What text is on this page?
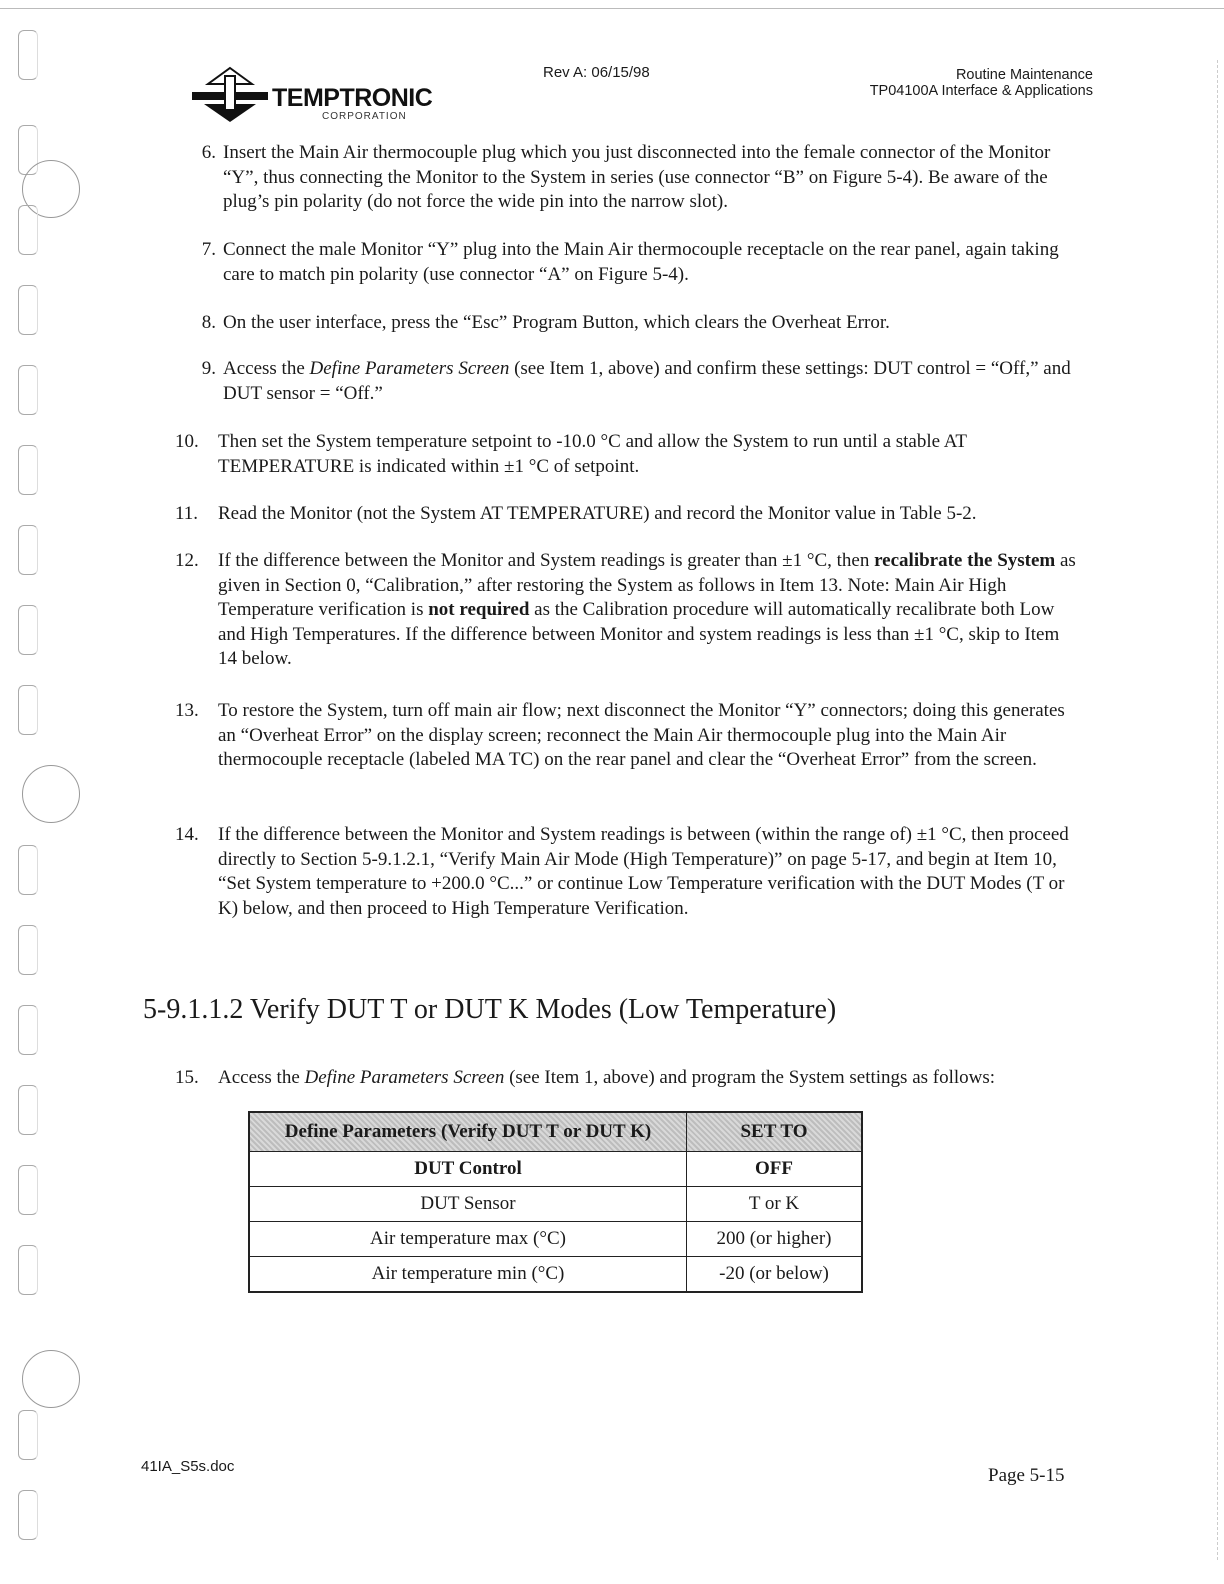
TEMPTRONIC
CORPORATION
Rev A: 06/15/98	Routine Maintenance
TP04100A Interface & Applications
6. Insert the Main Air thermocouple plug which you just disconnected into the female connector of the Monitor “Y”, thus connecting the Monitor to the System in series (use connector “B” on Figure 5-4). Be aware of the plug’s pin polarity (do not force the wide pin into the narrow slot).
7. Connect the male Monitor “Y” plug into the Main Air thermocouple receptacle on the rear panel, again taking care to match pin polarity (use connector “A” on Figure 5-4).
8. On the user interface, press the “Esc” Program Button, which clears the Overheat Error.
9. Access the Define Parameters Screen (see Item 1, above) and confirm these settings: DUT control = “Off,” and DUT sensor = “Off.”
10.	Then set the System temperature setpoint to -10.0 °C and allow the System to run until a stable AT TEMPERATURE is indicated within ±1 °C of setpoint.
11.	Read the Monitor (not the System AT TEMPERATURE) and record the Monitor value in Table 5-2.
12.	If the difference between the Monitor and System readings is greater than ±1 °C, then recalibrate the System as given in Section 0, “Calibration,” after restoring the System as follows in Item 13. Note: Main Air High Temperature verification is not required as the Calibration procedure will automatically recalibrate both Low and High Temperatures. If the difference between Monitor and system readings is less than ±1 °C, skip to Item 14 below.
13.	To restore the System, turn off main air flow; next disconnect the Monitor “Y” connectors; doing this generates an “Overheat Error” on the display screen; reconnect the Main Air thermocouple plug into the Main Air thermocouple receptacle (labeled MA TC) on the rear panel and clear the “Overheat Error” from the screen.
14.	If the difference between the Monitor and System readings is between (within the range of) ±1 °C, then proceed directly to Section 5-9.1.2.1, “Verify Main Air Mode (High Temperature)” on page 5-17, and begin at Item 10, “Set System temperature to +200.0 °C...” or continue Low Temperature verification with the DUT Modes (T or K) below, and then proceed to High Temperature Verification.
5-9.1.1.2 Verify DUT T or DUT K Modes (Low Temperature)
15.	Access the Define Parameters Screen (see Item 1, above) and program the System settings as follows:
Define Parameters (Verify DUT T or DUT K)	SET TO
DUT Control	OFF
DUT Sensor	T or K
Air temperature max (°C)	200 (or higher)
Air temperature min (°C)	-20 (or below)
41IA_S5s.doc	Page 5-15
